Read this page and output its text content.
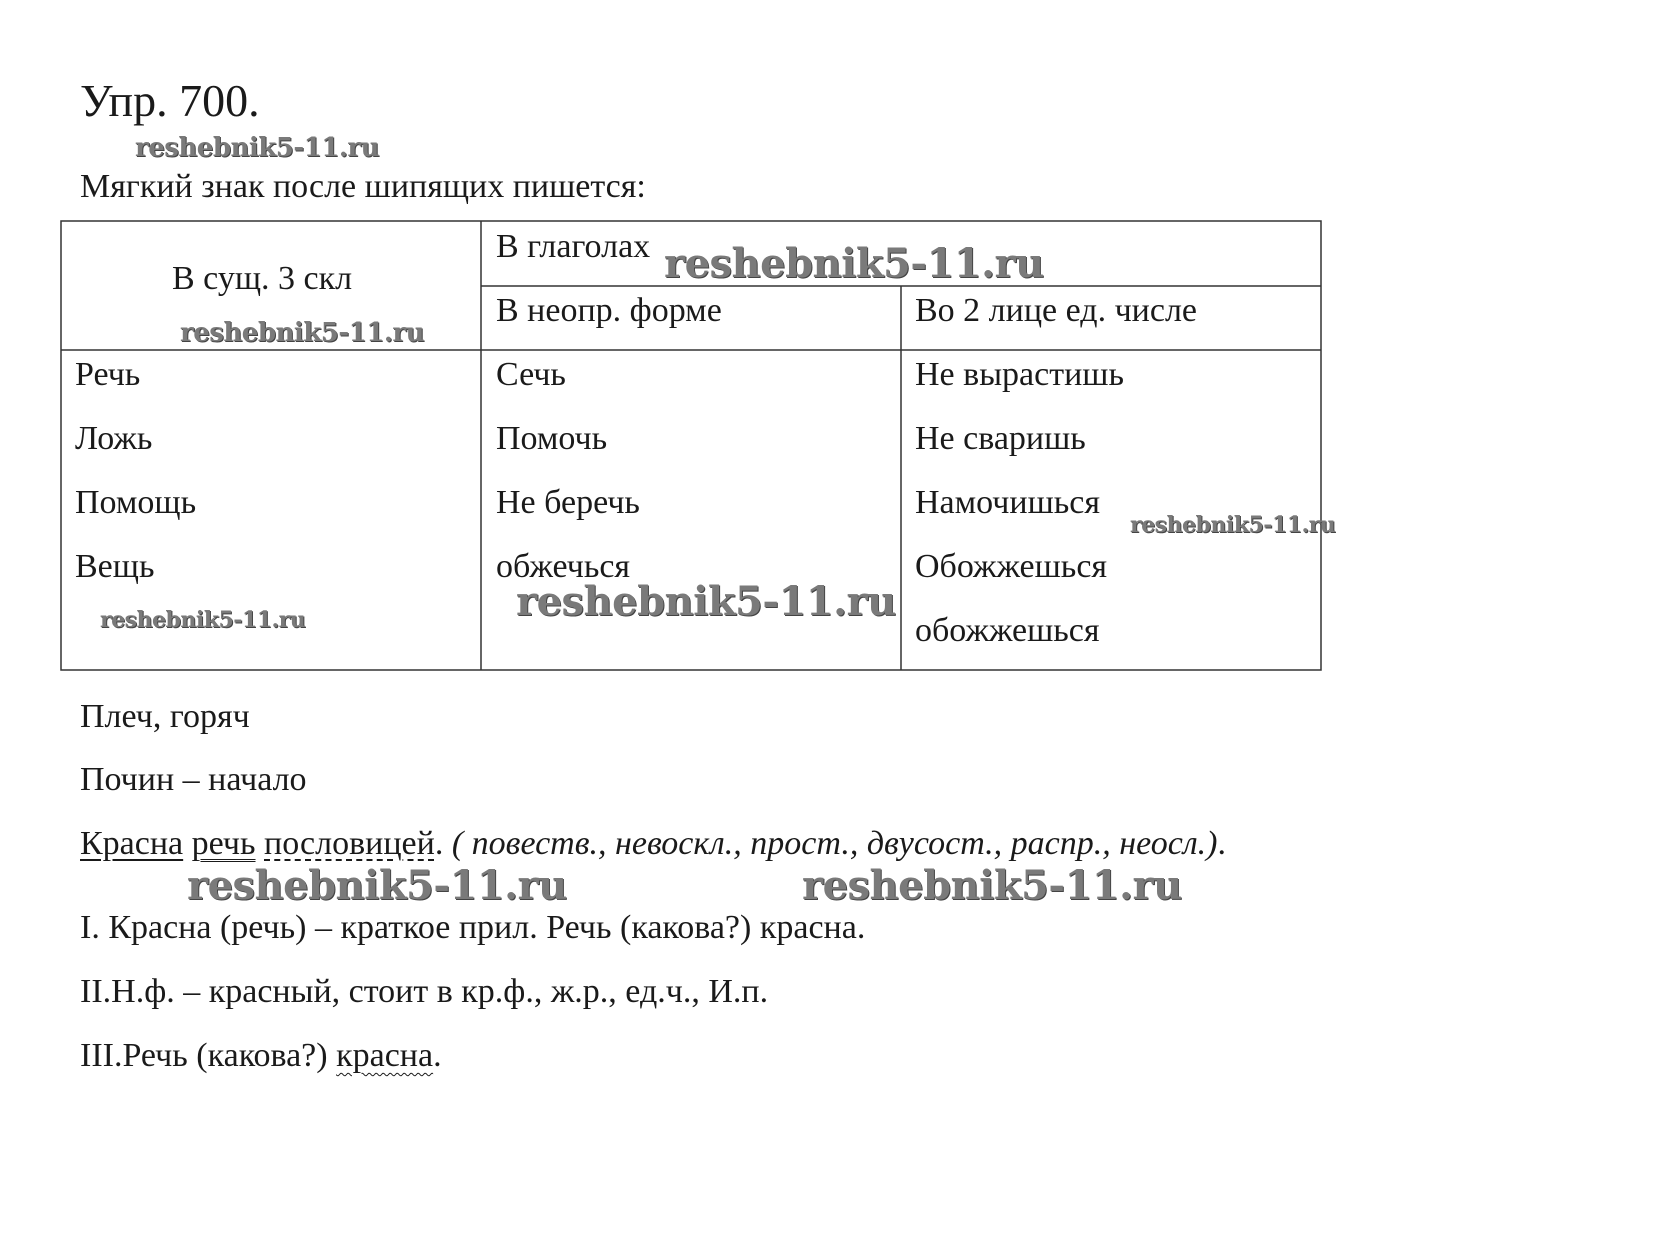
Упр. 700.
reshebnik5-11.ru
Мягкий знак после шипящих пишется:
В сущ. 3 скл
reshebnik5-11.ru
В глаголах reshebnik5-11.ru
В неопр. форме	Во 2 лице ед. числе
Речь
Ложь
Помощь
Вещь
reshebnik5-11.ru
Сечь
Помочь
Не беречь
обжечься
reshebnik5-11.ru
Не вырастишь
Не сваришь
Намочишься
reshebnik5-11.ru
Обожжешься
обожжешься
Плеч, горяч
Почин – начало
Красна речь пословицей. ( повеств., невоскл., прост., двусост., распр., неосл.).
reshebnik5-11.ru	reshebnik5-11.ru
I. Красна (речь) – краткое прил. Речь (какова?) красна.
II.Н.ф. – красный, стоит в кр.ф., ж.р., ед.ч., И.п.
III.Речь (какова?) красна.
